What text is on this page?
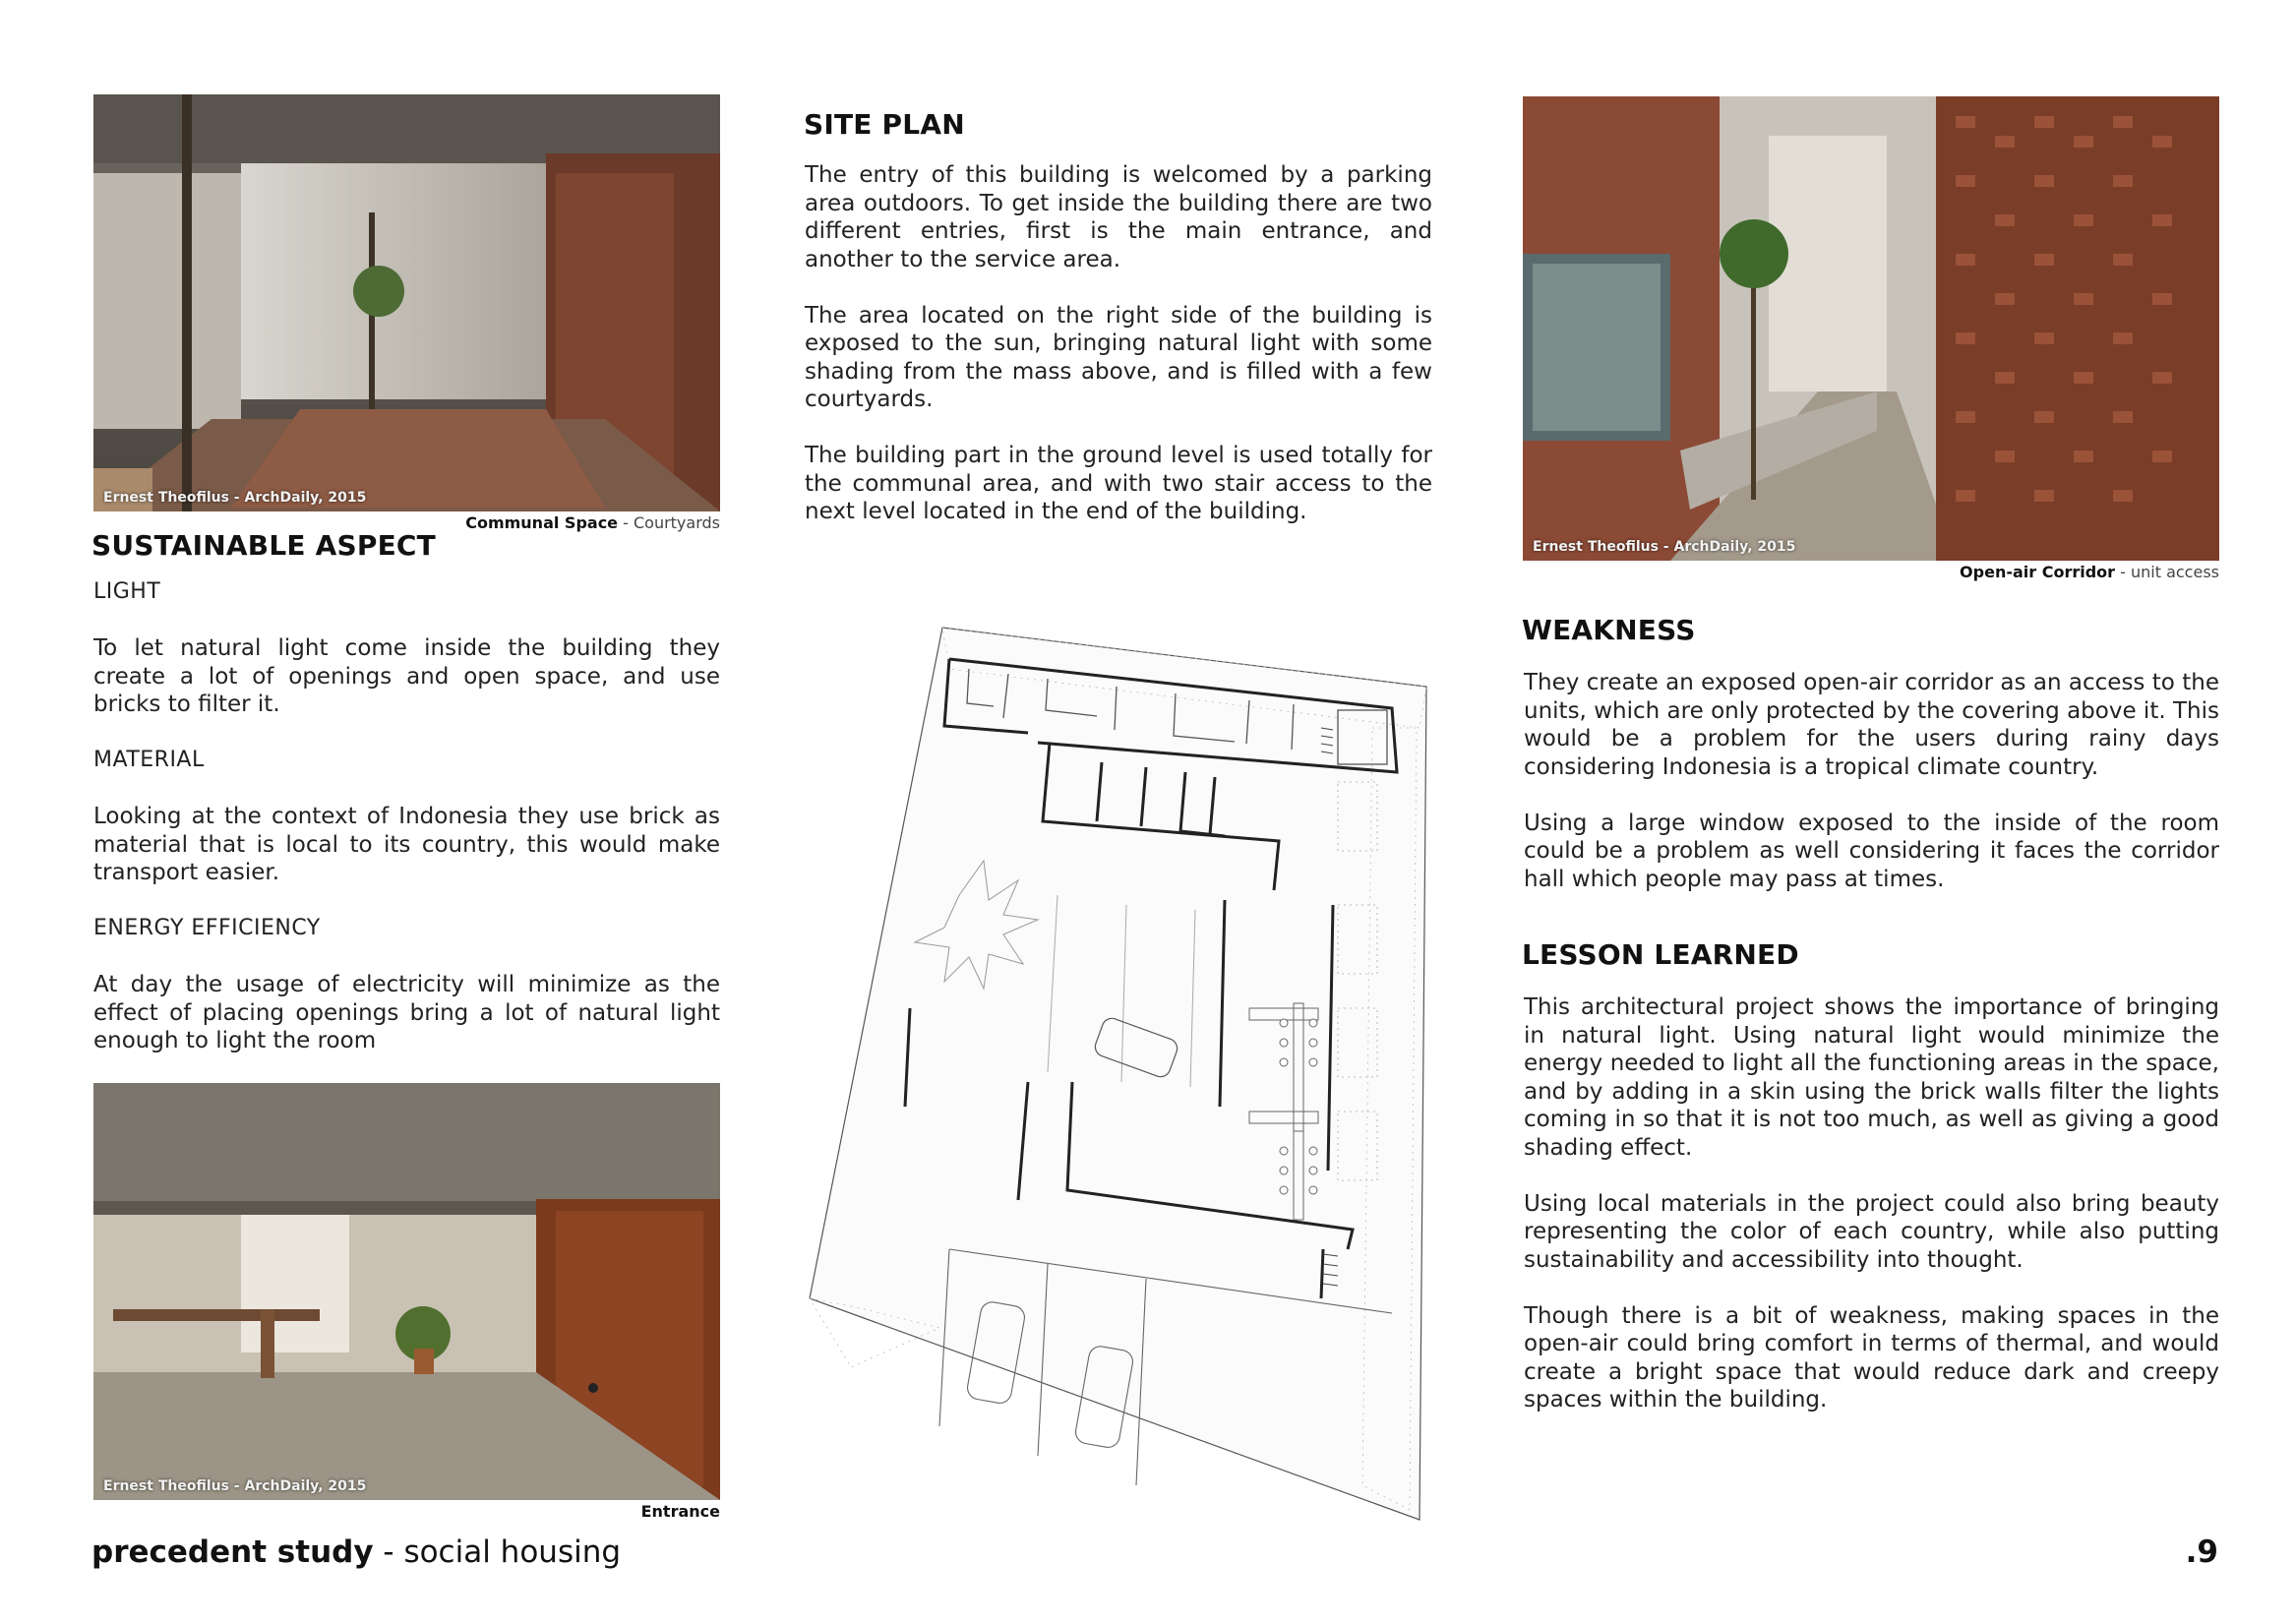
Ernest Theofilus - ArchDaily, 2015
Communal Space - Courtyards
SUSTAINABLE ASPECT

LIGHT

To let natural light come inside the building they create a lot of openings and open space, and use bricks to filter it.

MATERIAL

Looking at the context of Indonesia they use brick as material that is local to its country, this would make transport easier.

ENERGY EFFICIENCY

At day the usage of electricity will minimize as the effect of placing openings bring a lot of natural light enough to light the room

Ernest Theofilus - ArchDaily, 2015
Entrance
SITE PLAN

The entry of this building is welcomed by a parking area outdoors. To get inside the building there are two different entries, first is the main entrance, and another to the service area.

The area located on the right side of the building is exposed to the sun, bringing natural light with some shading from the mass above, and is filled with a few courtyards.

The building part in the ground level is used totally for the communal area, and with two stair access to the next level located in the end of the building.

Ernest Theofilus - ArchDaily, 2015
Open-air Corridor - unit access
WEAKNESS

They create an exposed open-air corridor as an access to the units, which are only protected by the covering above it. This would be a problem for the users during rainy days considering Indonesia is a tropical climate country.

Using a large window exposed to the inside of the room could be a problem as well considering it faces the corridor hall which people may pass at times.

LESSON LEARNED

This architectural project shows the importance of bringing in natural light. Using natural light would minimize the energy needed to light all the functioning areas in the space, and by adding in a skin using the brick walls filter the lights coming in so that it is not too much, as well as giving a good shading effect.

Using local materials in the project could also bring beauty representing the color of each country, while also putting sustainability and accessibility into thought.

Though there is a bit of weakness, making spaces in the open-air could bring comfort in terms of thermal, and would create a bright space that would reduce dark and creepy spaces within the building.

precedent study - social housing	.9
